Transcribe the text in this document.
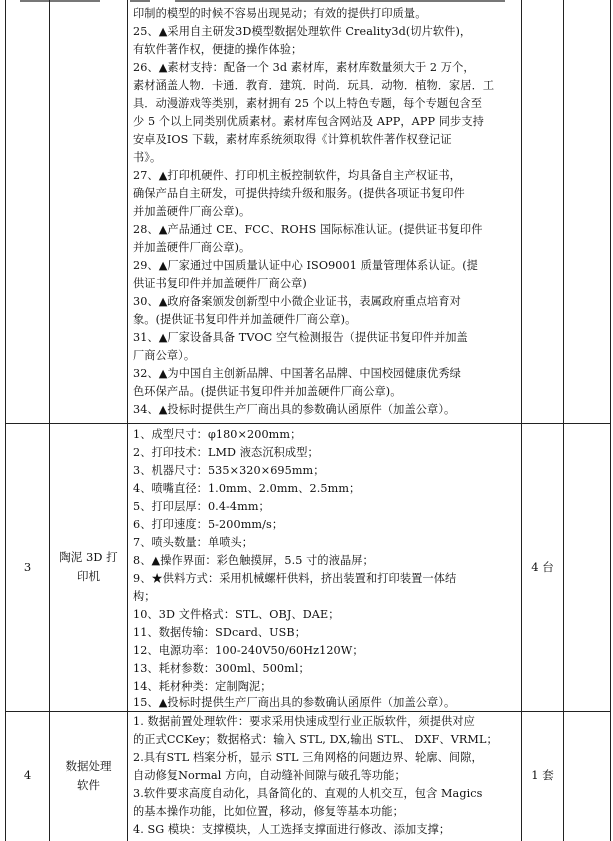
印制的模型的时候不容易出现晃动；有效的提供打印质量。
25、▲采用自主研发3D模型数据处理软件 Creality3d(切片软件)，
有软件著作权，便捷的操作体验；
26、▲素材支持：配备一个 3d 素材库，素材库数量须大于 2 万个，
素材涵盖人物．卡通．教育．建筑．时尚．玩具．动物．植物．家居．工
具．动漫游戏等类别，素材拥有 25 个以上特色专题，每个专题包含至
少 5 个以上同类别优质素材。素材库包含网站及 APP，APP 同步支持
安卓及IOS 下载，素材库系统须取得《计算机软件著作权登记证
书》。
27、▲打印机硬件、打印机主板控制软件，均具备自主产权证书，
确保产品自主研发，可提供持续升级和服务。(提供各项证书复印件
并加盖硬件厂商公章)。
28、▲产品通过 CE、FCC、ROHS 国际标准认证。(提供证书复印件
并加盖硬件厂商公章)。
29、▲厂家通过中国质量认证中心 ISO9001 质量管理体系认证。(提
供证书复印件并加盖硬件厂商公章)
30、▲政府备案颁发创新型中小微企业证书，表属政府重点培育对
象。(提供证书复印件并加盖硬件厂商公章)。
31、▲厂家设备具备 TVOC 空气检测报告（提供证书复印件并加盖
厂商公章）。
32、▲为中国自主创新品牌、中国著名品牌、中国校园健康优秀绿
色环保产品。(提供证书复印件并加盖硬件厂商公章)。
34、▲投标时提供生产厂商出具的参数确认函原件（加盖公章）。
3
陶泥 3D 打
印机
4 台
1、成型尺寸：φ180×200mm；
2、打印技术：LMD 液态沉积成型；
3、机器尺寸：535×320×695mm；
4、喷嘴直径：1.0mm、2.0mm、2.5mm；
5、打印层厚：0.4-4mm；
6、打印速度：5-200mm/s；
7、喷头数量：单喷头；
8、▲操作界面：彩色触摸屏，5.5 寸的液晶屏；
9、★供料方式：采用机械螺杆供料，挤出装置和打印装置一体结
构；
10、3D 文件格式：STL、OBJ、DAE；
11、数据传输：SDcard、USB；
12、电源功率：100-240V50/60Hz120W；
13、耗材参数：300ml、500ml；
14、耗材种类：定制陶泥；
15、▲投标时提供生产厂商出具的参数确认函原件（加盖公章）。
4
数据处理
软件
1 套
1. 数据前置处理软件：要求采用快速成型行业正版软件，须提供对应
的正式CCKey；数据格式：输入 STL, DX,输出 STL、 DXF、VRML；
2.具有STL 档案分析，显示 STL 三角网格的问题边界、轮廓、间隙，
自动修复Normal 方向，自动缝补间隙与破孔等功能；
3.软件要求高度自动化，具备简化的、直观的人机交互，包含 Magics
的基本操作功能，比如位置，移动，修复等基本功能；
4. SG 模块：支撑模块，人工选择支撑面进行修改、添加支撑；
